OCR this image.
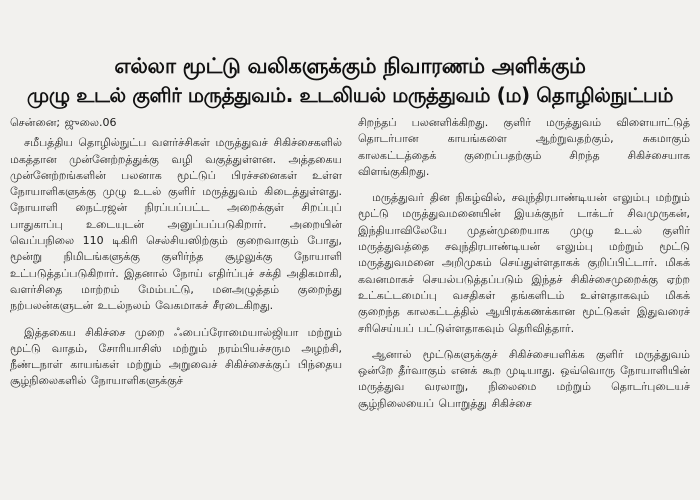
எல்லா மூட்டு வலிகளுக்கும் நிவாரணம் அளிக்கும்
முழு உடல் குளிர் மருத்துவம். உடலியல் மருத்துவம் (ம) தொழில்நுட்பம்

சென்னை; ஜுலை.06

சமீபத்திய தொழில்நுட்ப வளர்ச்சிகள் மருத்துவச் சிகிச்சைகளில் மகத்தான முன்னேற்றத்துக்கு வழி வகுத்துள்ளன. அத்தகைய முன்னேற்றங்களின் பலனாக மூட்டுப் பிரச்சனைகள் உள்ள நோயாளிகளுக்கு முழு உடல் குளிர் மருத்துவம் கிடைத்துள்ளது. நோயாளி நைட்ரஜன் நிரப்பப்பட்ட அறைக்குள் சிறப்புப் பாதுகாப்பு உடையுடன் அனுப்பப்படுகிறார். அறையின் வெப்பநிலை 110 டிகிரி செல்சியஸிற்கும் குறைவாகும் போது, மூன்று நிமிடங்களுக்கு குளிர்ந்த சூழலுக்கு நோயாளி உட்படுத்தப்படுகிறார். இதனால் நோய் எதிர்ப்புச் சக்தி அதிகமாகி, வளர்சிதை மாற்றம் மேம்பட்டு, மனஅழுத்தம் குறைந்து நற்பலன்களுடன் உடல்நலம் வேகமாகச் சீரடைகிறது.

இத்தகைய சிகிச்சை முறை ஃபைப்ரோமையால்ஜியா மற்றும் மூட்டு வாதம், சோரியாசிஸ் மற்றும் நரம்பியச்சரும அழற்சி, நீண்டநாள் காயங்கள் மற்றும் அறுவைச் சிகிச்சைக்குப் பிந்தைய சூழ்நிலைகளில் நோயாளிகளுக்குச்

சிறந்தப் பலனளிக்கிறது. குளிர் மருத்துவம் விளையாட்டுத் தொடர்பான காயங்களை ஆற்றுவதற்கும், சுகமாகும் காலகட்டத்தைக் குறைப்பதற்கும் சிறந்த சிகிச்சையாக விளங்குகிறது.

மருத்துவர் தின நிகழ்வில், சவுந்திரபாண்டியன் எலும்பு மற்றும் மூட்டு மருத்துவமனையின் இயக்குநர் டாக்டர் சிவமுருகன், இந்தியாவிலேயே முதன்முறையாக முழு உடல் குளிர் மருத்துவத்தை சவுந்திரபாண்டியன் எலும்பு மற்றும் மூட்டு மருத்துவமனை அறிமுகம் செய்துள்ளதாகக் குறிப்பிட்டார். மிகக் கவனமாகச் செயல்படுத்தப்படும் இந்தச் சிகிச்சைமுறைக்கு ஏற்ற உட்கட்டமைப்பு வசதிகள் தங்களிடம் உள்ளதாகவும் மிகக் குறைந்த காலகட்டத்தில் ஆயிரக்கணக்கான மூட்டுகள் இதுவரைச் சரிசெய்யப் பட்டுள்ளதாகவும் தெரிவித்தார்.

ஆனால் மூட்டுகளுக்குச் சிகிச்சையளிக்க குளிர் மருத்துவம் ஒன்றே தீர்வாகும் எனக் கூற முடியாது. ஒவ்வொரு நோயாளியின் மருத்துவ வரலாறு, நிலைமை மற்றும் தொடர்புடையச் சூழ்நிலையைப் பொறுத்து சிகிச்சை
